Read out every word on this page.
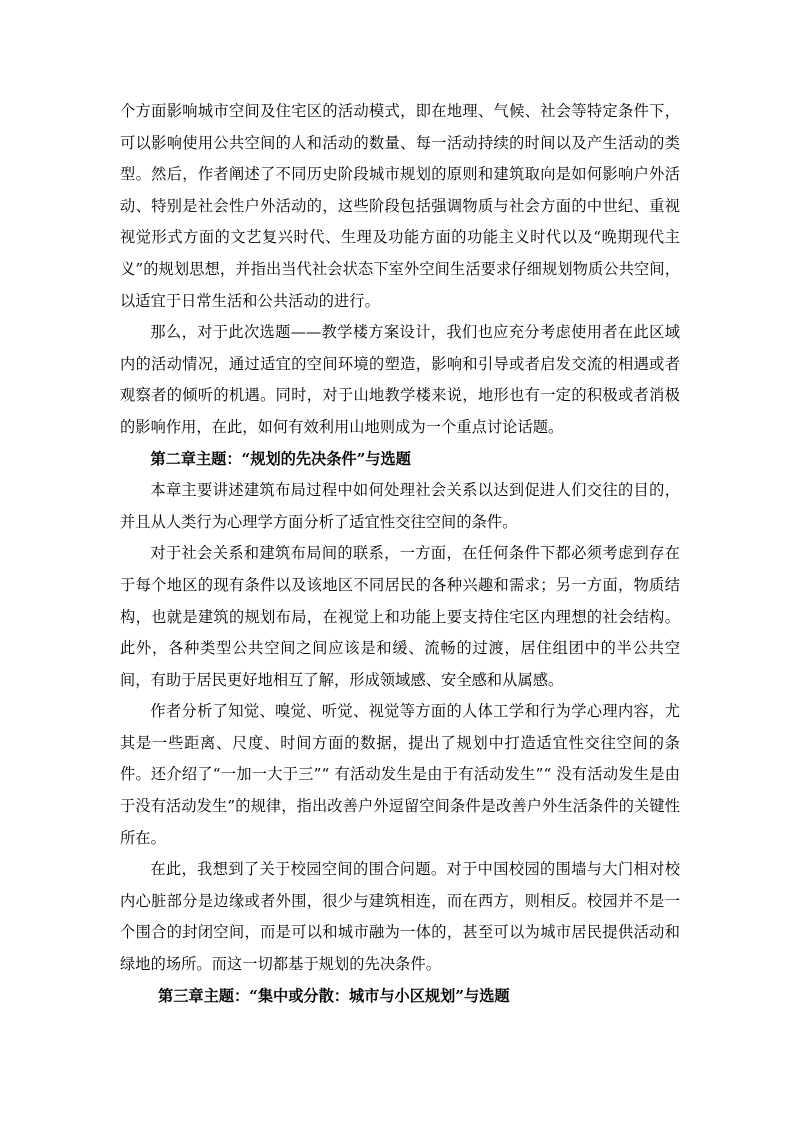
个方面影响城市空间及住宅区的活动模式，即在地理、气候、社会等特定条件下，可以影响使用公共空间的人和活动的数量、每一活动持续的时间以及产生活动的类型。然后，作者阐述了不同历史阶段城市规划的原则和建筑取向是如何影响户外活动、特别是社会性户外活动的，这些阶段包括强调物质与社会方面的中世纪、重视视觉形式方面的文艺复兴时代、生理及功能方面的功能主义时代以及“晚期现代主义”的规划思想，并指出当代社会状态下室外空间生活要求仔细规划物质公共空间，以适宜于日常生活和公共活动的进行。

那么，对于此次选题——教学楼方案设计，我们也应充分考虑使用者在此区域内的活动情况，通过适宜的空间环境的塑造，影响和引导或者启发交流的相遇或者观察者的倾听的机遇。同时，对于山地教学楼来说，地形也有一定的积极或者消极的影响作用，在此，如何有效利用山地则成为一个重点讨论话题。

第二章主题：“规划的先决条件”与选题

本章主要讲述建筑布局过程中如何处理社会关系以达到促进人们交往的目的，并且从人类行为心理学方面分析了适宜性交往空间的条件。

对于社会关系和建筑布局间的联系，一方面，在任何条件下都必须考虑到存在于每个地区的现有条件以及该地区不同居民的各种兴趣和需求；另一方面，物质结构，也就是建筑的规划布局，在视觉上和功能上要支持住宅区内理想的社会结构。此外，各种类型公共空间之间应该是和缓、流畅的过渡，居住组团中的半公共空间，有助于居民更好地相互了解，形成领域感、安全感和从属感。

作者分析了知觉、嗅觉、听觉、视觉等方面的人体工学和行为学心理内容，尤其是一些距离、尺度、时间方面的数据，提出了规划中打造适宜性交往空间的条件。还介绍了“一加一大于三”“ 有活动发生是由于有活动发生”“ 没有活动发生是由于没有活动发生”的规律，指出改善户外逗留空间条件是改善户外生活条件的关键性所在。

在此，我想到了关于校园空间的围合问题。对于中国校园的围墙与大门相对校内心脏部分是边缘或者外围，很少与建筑相连，而在西方，则相反。校园并不是一个围合的封闭空间，而是可以和城市融为一体的，甚至可以为城市居民提供活动和绿地的场所。而这一切都基于规划的先决条件。

第三章主题：“集中或分散：城市与小区规划”与选题
